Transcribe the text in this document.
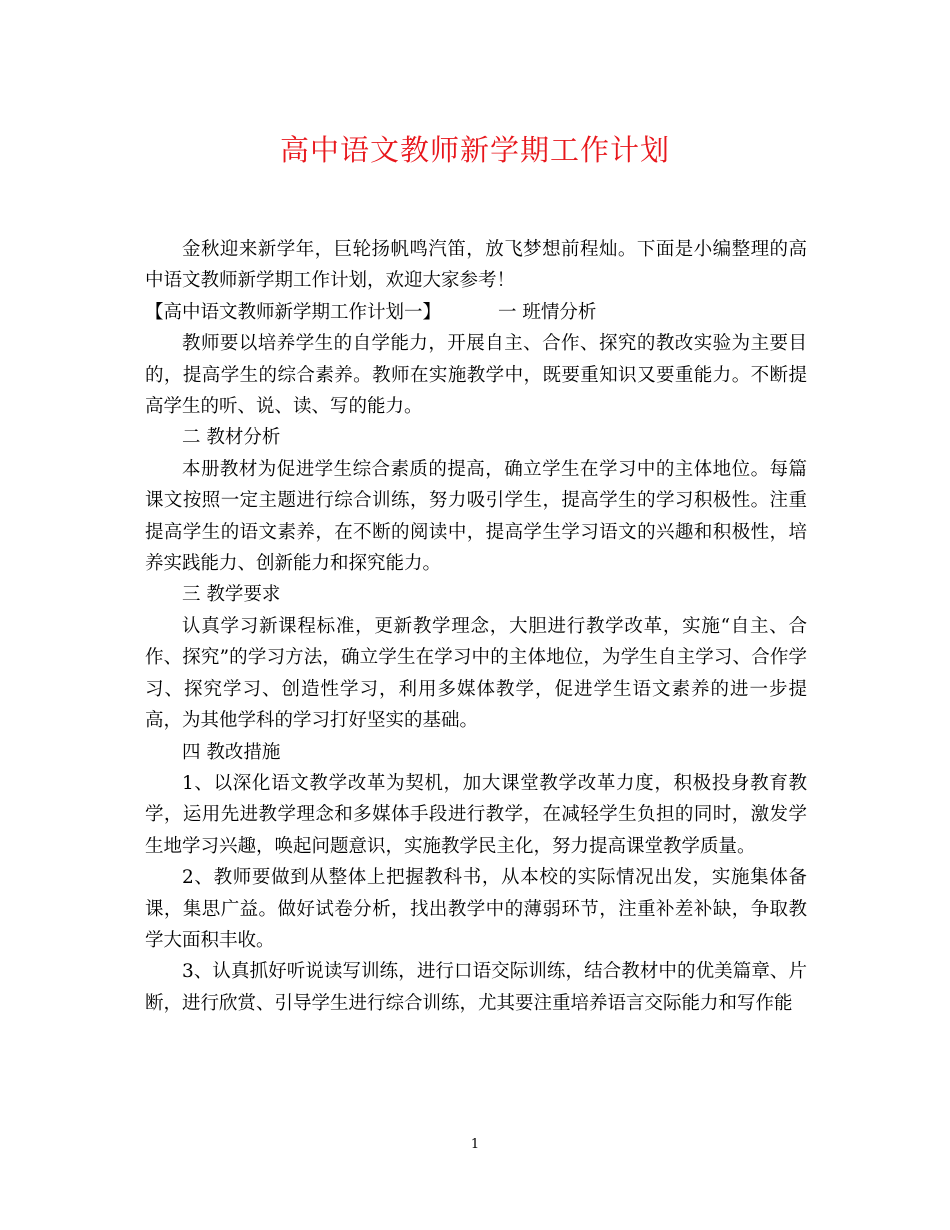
高中语文教师新学期工作计划

金秋迎来新学年，巨轮扬帆鸣汽笛，放飞梦想前程灿。下面是小编整理的高中语文教师新学期工作计划，欢迎大家参考！

【高中语文教师新学期工作计划一】	一 班情分析

教师要以培养学生的自学能力，开展自主、合作、探究的教改实验为主要目的，提高学生的综合素养。教师在实施教学中，既要重知识又要重能力。不断提高学生的听、说、读、写的能力。

二 教材分析

本册教材为促进学生综合素质的提高，确立学生在学习中的主体地位。每篇课文按照一定主题进行综合训练，努力吸引学生，提高学生的学习积极性。注重提高学生的语文素养，在不断的阅读中，提高学生学习语文的兴趣和积极性，培养实践能力、创新能力和探究能力。

三 教学要求

认真学习新课程标准，更新教学理念，大胆进行教学改革，实施“自主、合作、探究”的学习方法，确立学生在学习中的主体地位，为学生自主学习、合作学习、探究学习、创造性学习，利用多媒体教学，促进学生语文素养的进一步提高，为其他学科的学习打好坚实的基础。

四 教改措施

1、以深化语文教学改革为契机，加大课堂教学改革力度，积极投身教育教学，运用先进教学理念和多媒体手段进行教学，在减轻学生负担的同时，激发学生地学习兴趣，唤起问题意识，实施教学民主化，努力提高课堂教学质量。

2、教师要做到从整体上把握教科书，从本校的实际情况出发，实施集体备课，集思广益。做好试卷分析，找出教学中的薄弱环节，注重补差补缺，争取教学大面积丰收。

3、认真抓好听说读写训练，进行口语交际训练，结合教材中的优美篇章、片断，进行欣赏、引导学生进行综合训练，尤其要注重培养语言交际能力和写作能

1
